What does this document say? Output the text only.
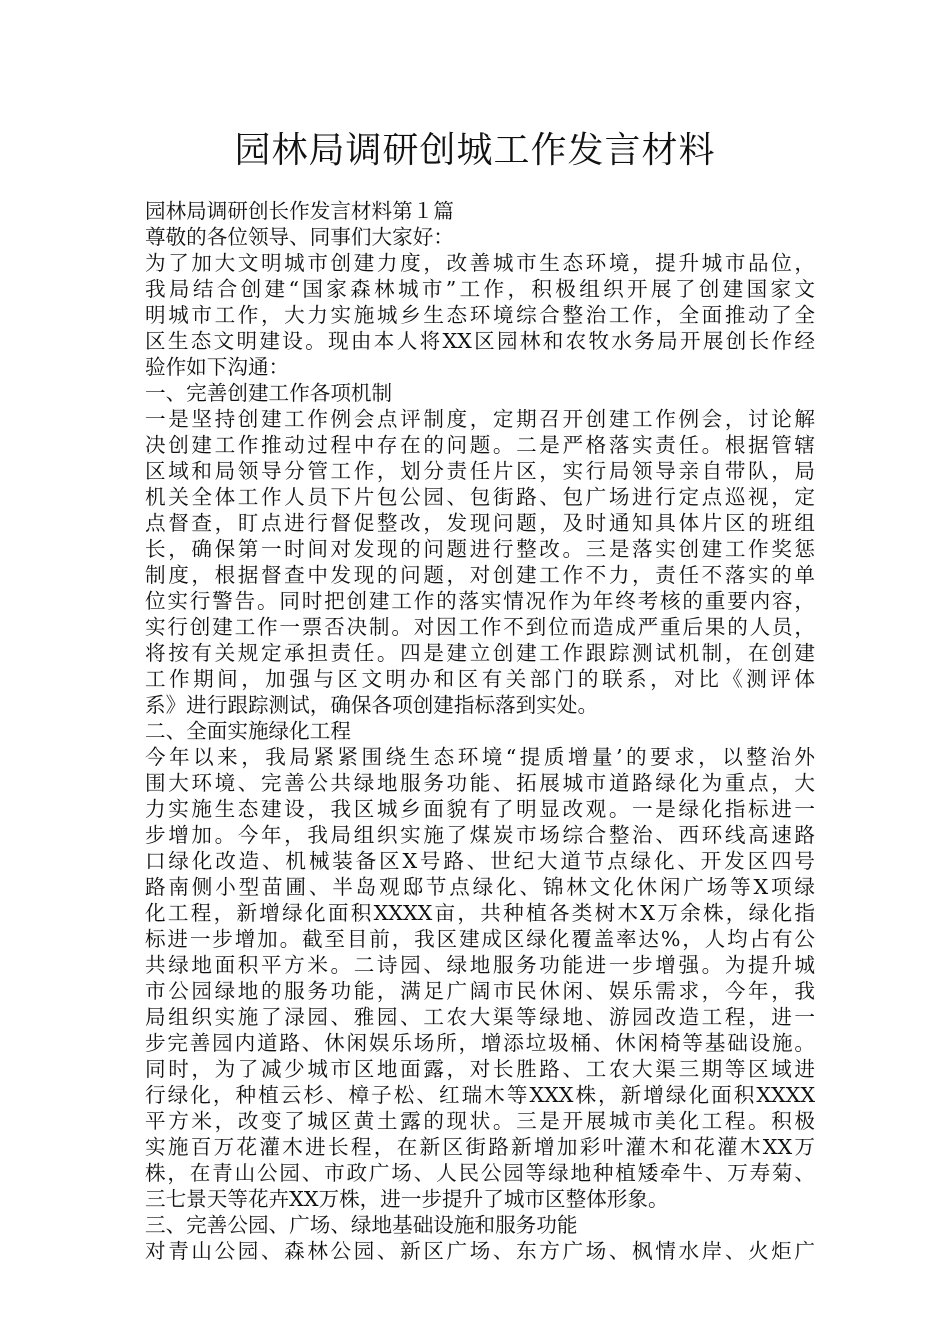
园林局调研创城工作发言材料
园林局调研创长作发言材料第１篇
尊敬的各位领导、同事们大家好：
为了加大文明城市创建力度，改善城市生态环境，提升城市品位，
我局结合创建“国家森林城市”工作，积极组织开展了创建国家文
明城市工作，大力实施城乡生态环境综合整治工作，全面推动了全
区生态文明建设。现由本人将XX区园林和农牧水务局开展创长作经
验作如下沟通：
一、完善创建工作各项机制
一是坚持创建工作例会点评制度，定期召开创建工作例会，讨论解
决创建工作推动过程中存在的问题。二是严格落实责任。根据管辖
区域和局领导分管工作，划分责任片区，实行局领导亲自带队，局
机关全体工作人员下片包公园、包街路、包广场进行定点巡视，定
点督查，盯点进行督促整改，发现问题，及时通知具体片区的班组
长，确保第一时间对发现的问题进行整改。三是落实创建工作奖惩
制度，根据督查中发现的问题，对创建工作不力，责任不落实的单
位实行警告。同时把创建工作的落实情况作为年终考核的重要内容，
实行创建工作一票否决制。对因工作不到位而造成严重后果的人员，
将按有关规定承担责任。四是建立创建工作跟踪测试机制，在创建
工作期间，加强与区文明办和区有关部门的联系，对比《测评体
系》进行跟踪测试，确保各项创建指标落到实处。
二、全面实施绿化工程
今年以来，我局紧紧围绕生态环境“提质增量’的要求，以整治外
围大环境、完善公共绿地服务功能、拓展城市道路绿化为重点，大
力实施生态建设，我区城乡面貌有了明显改观。一是绿化指标进一
步增加。今年，我局组织实施了煤炭市场综合整治、西环线高速路
口绿化改造、机械装备区X号路、世纪大道节点绿化、开发区四号
路南侧小型苗圃、半岛观邸节点绿化、锦林文化休闲广场等X项绿
化工程，新增绿化面积XXXX亩，共种植各类树木X万余株，绿化指
标进一步增加。截至目前，我区建成区绿化覆盖率达%，人均占有公
共绿地面积平方米。二诗园、绿地服务功能进一步增强。为提升城
市公园绿地的服务功能，满足广阔市民休闲、娱乐需求，今年，我
局组织实施了渌园、雅园、工农大渠等绿地、游园改造工程，进一
步完善园内道路、休闲娱乐场所，增添垃圾桶、休闲椅等基础设施。
同时，为了减少城市区地面露，对长胜路、工农大渠三期等区域进
行绿化，种植云杉、樟子松、红瑞木等XXX株，新增绿化面积XXXX
平方米，改变了城区黄土露的现状。三是开展城市美化工程。积极
实施百万花灌木进长程，在新区街路新增加彩叶灌木和花灌木XX万
株，在青山公园、市政广场、人民公园等绿地种植矮牵牛、万寿菊、
三七景天等花卉XX万株，进一步提升了城市区整体形象。
三、完善公园、广场、绿地基础设施和服务功能
对青山公园、森林公园、新区广场、东方广场、枫情水岸、火炬广
